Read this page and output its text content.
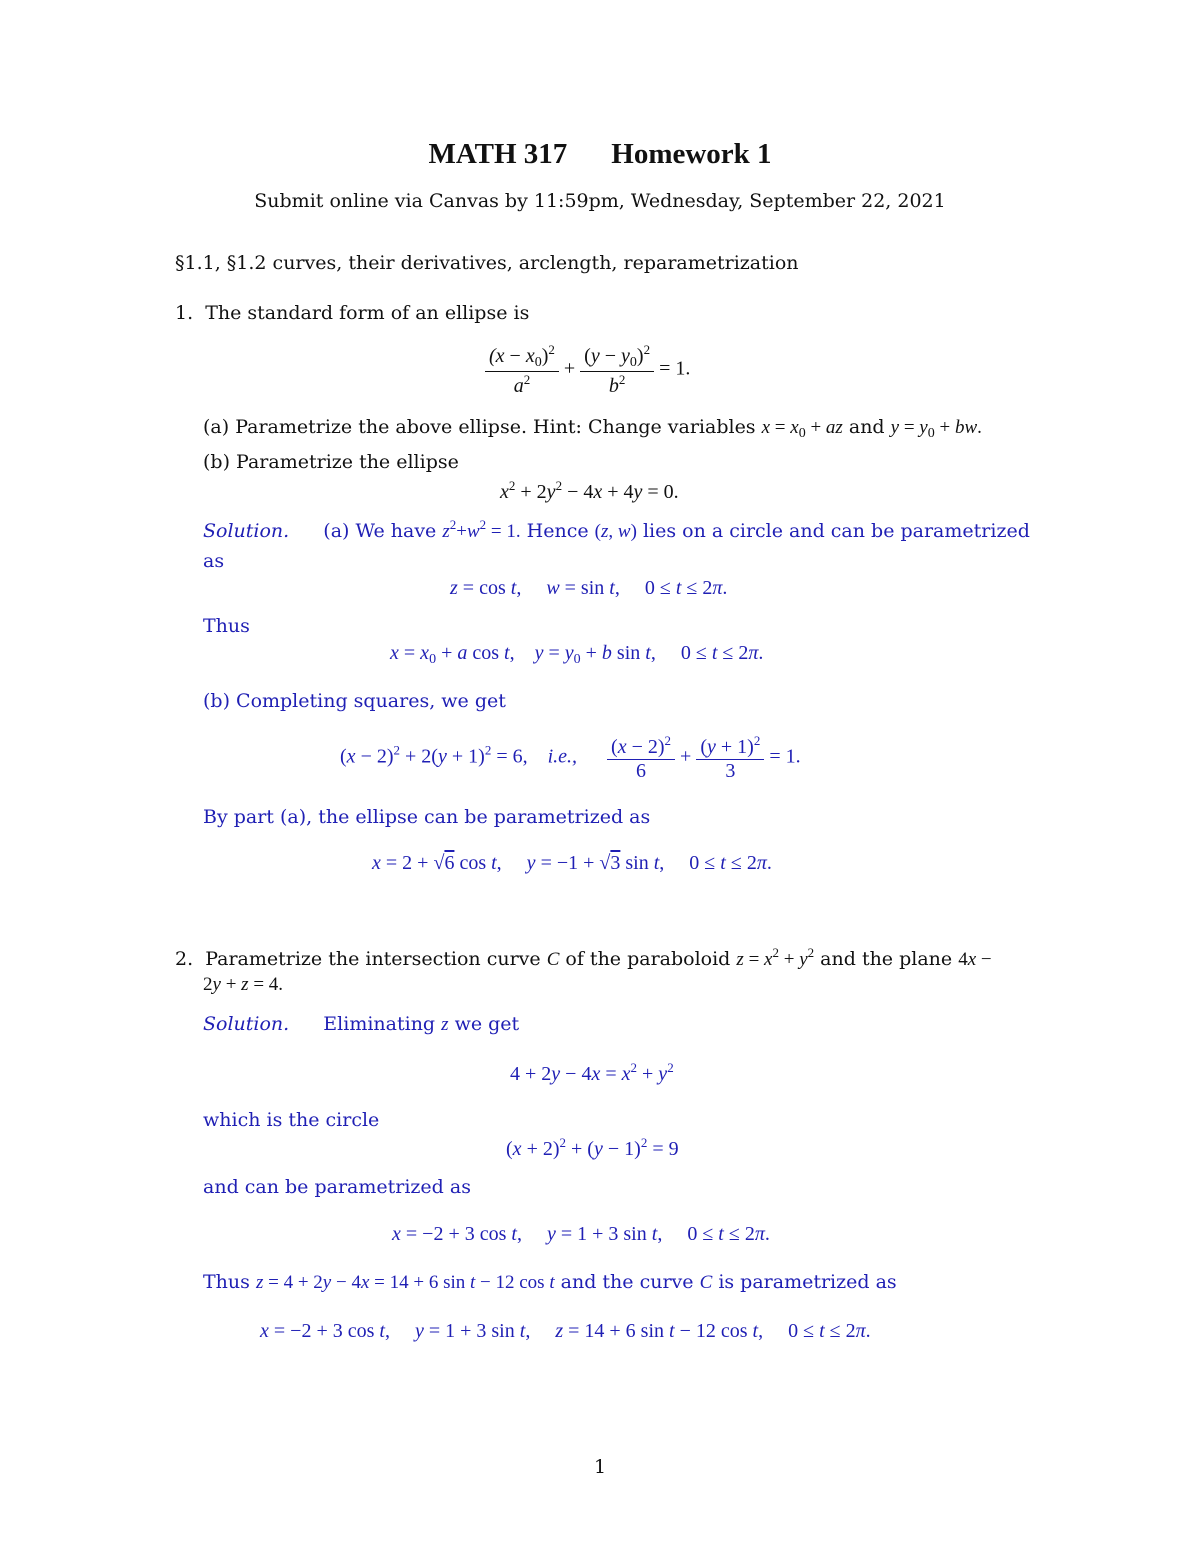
MATH 317 Homework 1
Submit online via Canvas by 11:59pm, Wednesday, September 22, 2021
§1.1, §1.2 curves, their derivatives, arclength, reparametrization
1. The standard form of an ellipse is
$\frac{(x - x_0)^2}{a^2} + \frac{(y - y_0)^2}{b^2} = 1$.
(a) Parametrize the above ellipse. Hint: Change variables $x = x_0$ + az and $y = y_0$ + bw.
(b) Parametrize the ellipse
$x^2 + 2y^2 - 4x + 4y = 0$.
Solution. (a) We have $z^2+w^2 = 1$. Hence (z, w) lies on a circle and can be parametrized
as
z = cos t,     w = sin t,     0 ≤ t ≤ 2π.
Thus
$x = x_0 + a$ cos t,    $y = y_0 + b$ sin t,     0 ≤ t ≤ 2π.
(b) Completing squares, we get
$(x - 2)^2 + 2(y + 1)^2 = 6$,    i.e., $\frac{(x - 2)^2}{6} + \frac{(y + 1)^2}{3} = 1$.
By part (a), the ellipse can be parametrized as
x = 2 + √6 cos t,     y = −1 + √3 sin t,     0 ≤ t ≤ 2π.
2. Parametrize the intersection curve C of the paraboloid $z = x^2 + y^2$ and the plane 4x −
2y + z = 4.
Solution. Eliminating z we get
$4 + 2y - 4x = x^2 + y^2$
which is the circle
$(x + 2)^2 + (y - 1)^2 = 9$
and can be parametrized as
x = −2 + 3 cos t,     y = 1 + 3 sin t,     0 ≤ t ≤ 2π.
Thus z = 4 + 2y − 4x = 14 + 6 sin t − 12 cos t and the curve C is parametrized as
x = −2 + 3 cos t,     y = 1 + 3 sin t,     z = 14 + 6 sin t − 12 cos t,     0 ≤ t ≤ 2π.
1
